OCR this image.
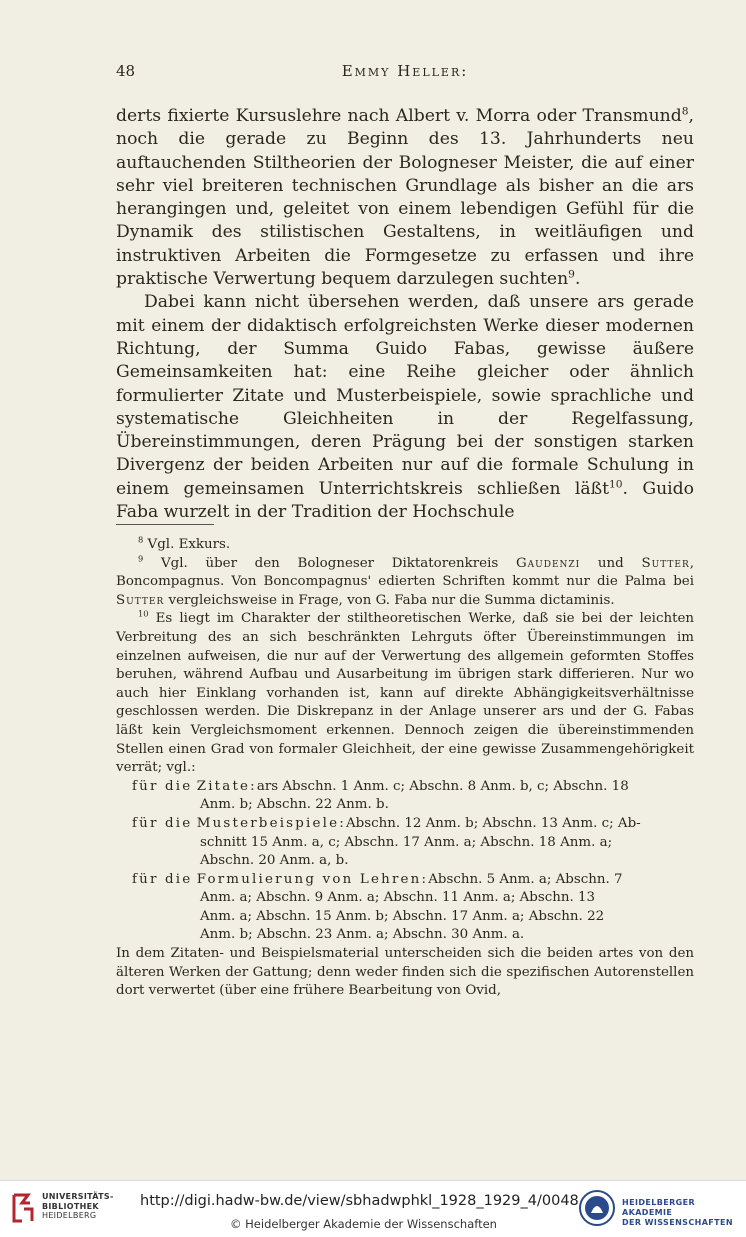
48	Emmy Heller:

derts fixierte Kursuslehre nach Albert v. Morra oder Transmund$^8$, noch die gerade zu Beginn des 13. Jahrhunderts neu auftauchenden Stiltheorien der Bologneser Meister, die auf einer sehr viel breiteren technischen Grundlage als bisher an die ars herangingen und, geleitet von einem lebendigen Gefühl für die Dynamik des stilistischen Gestaltens, in weitläufigen und instruktiven Arbeiten die Formgesetze zu erfassen und ihre praktische Verwertung bequem darzulegen suchten$^9$.

Dabei kann nicht übersehen werden, daß unsere ars gerade mit einem der didaktisch erfolgreichsten Werke dieser modernen Richtung, der Summa Guido Fabas, gewisse äußere Gemeinsamkeiten hat: eine Reihe gleicher oder ähnlich formulierter Zitate und Musterbeispiele, sowie sprachliche und systematische Gleichheiten in der Regelfassung, Übereinstimmungen, deren Prägung bei der sonstigen starken Divergenz der beiden Arbeiten nur auf die formale Schulung in einem gemeinsamen Unterrichtskreis schließen läßt$^{10}$. Guido Faba wurzelt in der Tradition der Hochschule

$^8$ Vgl. Exkurs.

$^9$ Vgl. über den Bologneser Diktatorenkreis Gaudenzi und Sutter, Boncompagnus. Von Boncompagnus' edierten Schriften kommt nur die Palma bei Sutter vergleichsweise in Frage, von G. Faba nur die Summa dictaminis.

$^{10}$ Es liegt im Charakter der stiltheoretischen Werke, daß sie bei der leichten Verbreitung des an sich beschränkten Lehrguts öfter Übereinstimmungen im einzelnen aufweisen, die nur auf der Verwertung des allgemein geformten Stoffes beruhen, während Aufbau und Ausarbeitung im übrigen stark differieren. Nur wo auch hier Einklang vorhanden ist, kann auf direkte Abhängigkeitsverhältnisse geschlossen werden. Die Diskrepanz in der Anlage unserer ars und der G. Fabas läßt kein Vergleichsmoment erkennen. Dennoch zeigen die übereinstimmenden Stellen einen Grad von formaler Gleichheit, der eine gewisse Zusammengehörigkeit verrät; vgl.:

für die Zitate: ars Abschn. 1 Anm. c; Abschn. 8 Anm. b, c; Abschn. 18
Anm. b; Abschn. 22 Anm. b.
für die Musterbeispiele: Abschn. 12 Anm. b; Abschn. 13 Anm. c; Ab-
schnitt 15 Anm. a, c; Abschn. 17 Anm. a; Abschn. 18 Anm. a;
Abschn. 20 Anm. a, b.
für die Formulierung von Lehren: Abschn. 5 Anm. a; Abschn. 7
Anm. a; Abschn. 9 Anm. a; Abschn. 11 Anm. a; Abschn. 13
Anm. a; Abschn. 15 Anm. b; Abschn. 17 Anm. a; Abschn. 22
Anm. b; Abschn. 23 Anm. a; Abschn. 30 Anm. a.

In dem Zitaten- und Beispielsmaterial unterscheiden sich die beiden artes von den älteren Werken der Gattung; denn weder finden sich die spezifischen Autorenstellen dort verwertet (über eine frühere Bearbeitung von Ovid,

UNIVERSITÄTS-
BIBLIOTHEK
HEIDELBERG
http://digi.hadw-bw.de/view/sbhadwphkl_1928_1929_4/0048
© Heidelberger Akademie der Wissenschaften
HEIDELBERGER AKADEMIE
DER WISSENSCHAFTEN
